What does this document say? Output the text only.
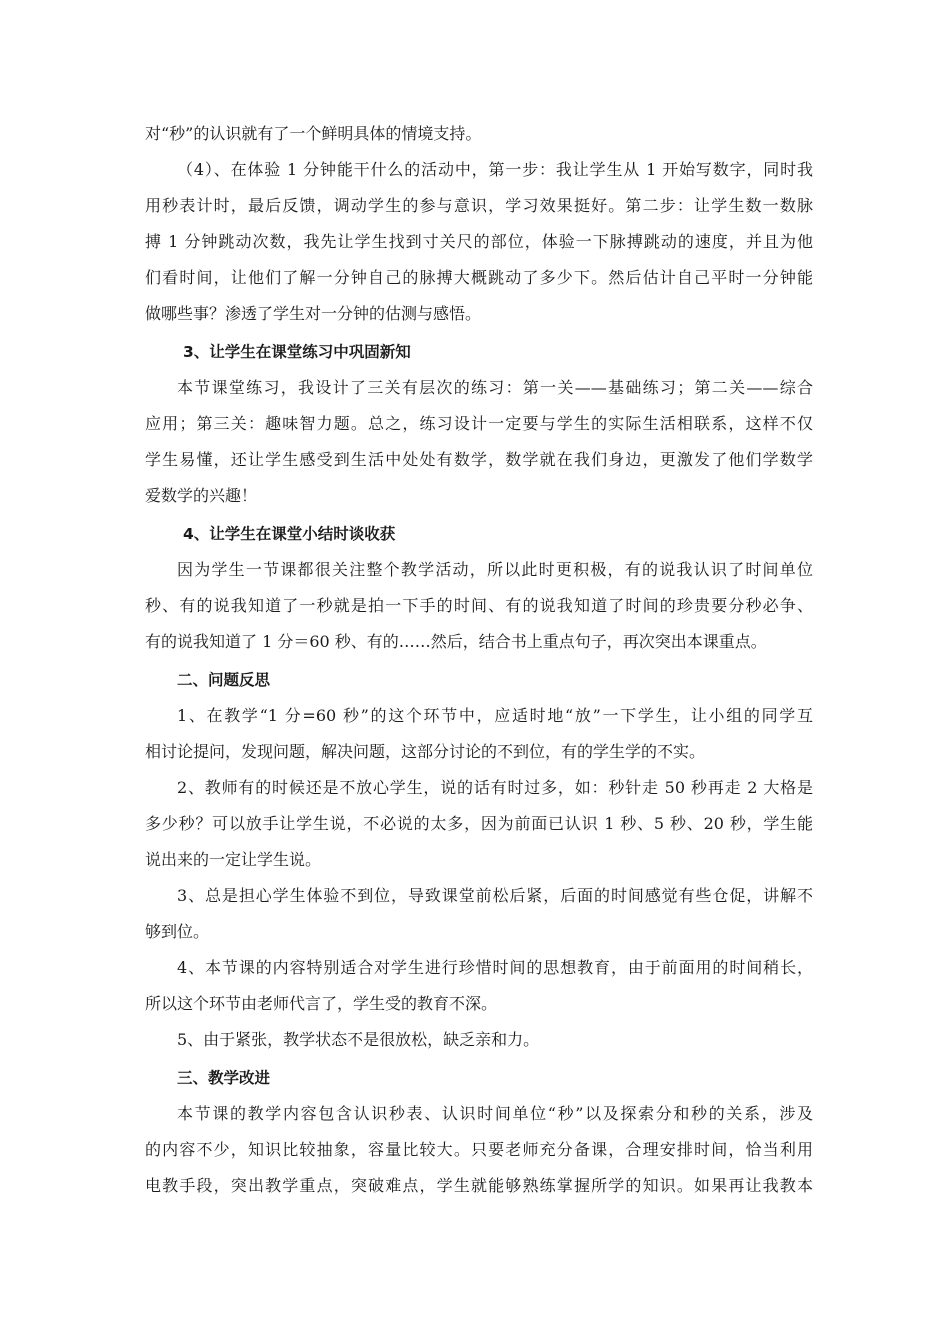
对“秒”的认识就有了一个鲜明具体的情境支持。
（4）、在体验 1 分钟能干什么的活动中，第一步：我让学生从 1 开始写数字，同时我
用秒表计时，最后反馈，调动学生的参与意识，学习效果挺好。第二步：让学生数一数脉
搏 1 分钟跳动次数，我先让学生找到寸关尺的部位，体验一下脉搏跳动的速度，并且为他
们看时间，让他们了解一分钟自己的脉搏大概跳动了多少下。然后估计自己平时一分钟能
做哪些事？渗透了学生对一分钟的估测与感悟。
3、让学生在课堂练习中巩固新知
本节课堂练习，我设计了三关有层次的练习：第一关——基础练习；第二关——综合
应用；第三关：趣味智力题。总之，练习设计一定要与学生的实际生活相联系，这样不仅
学生易懂，还让学生感受到生活中处处有数学，数学就在我们身边，更激发了他们学数学
爱数学的兴趣！
4、让学生在课堂小结时谈收获
因为学生一节课都很关注整个教学活动，所以此时更积极，有的说我认识了时间单位
秒、有的说我知道了一秒就是拍一下手的时间、有的说我知道了时间的珍贵要分秒必争、
有的说我知道了 1 分＝60 秒、有的……然后，结合书上重点句子，再次突出本课重点。
二、问题反思
1、在教学“1 分=60 秒”的这个环节中，应适时地“放”一下学生，让小组的同学互
相讨论提问，发现问题，解决问题，这部分讨论的不到位，有的学生学的不实。
2、教师有的时候还是不放心学生，说的话有时过多，如：秒针走 50 秒再走 2 大格是
多少秒？可以放手让学生说，不必说的太多，因为前面已认识 1 秒、5 秒、20 秒，学生能
说出来的一定让学生说。
3、总是担心学生体验不到位，导致课堂前松后紧，后面的时间感觉有些仓促，讲解不
够到位。
4、本节课的内容特别适合对学生进行珍惜时间的思想教育，由于前面用的时间稍长，
所以这个环节由老师代言了，学生受的教育不深。
5、由于紧张，教学状态不是很放松，缺乏亲和力。
三、教学改进
本节课的教学内容包含认识秒表、认识时间单位“秒”以及探索分和秒的关系，涉及
的内容不少，知识比较抽象，容量比较大。只要老师充分备课，合理安排时间，恰当利用
电教手段，突出教学重点，突破难点，学生就能够熟练掌握所学的知识。如果再让我教本
